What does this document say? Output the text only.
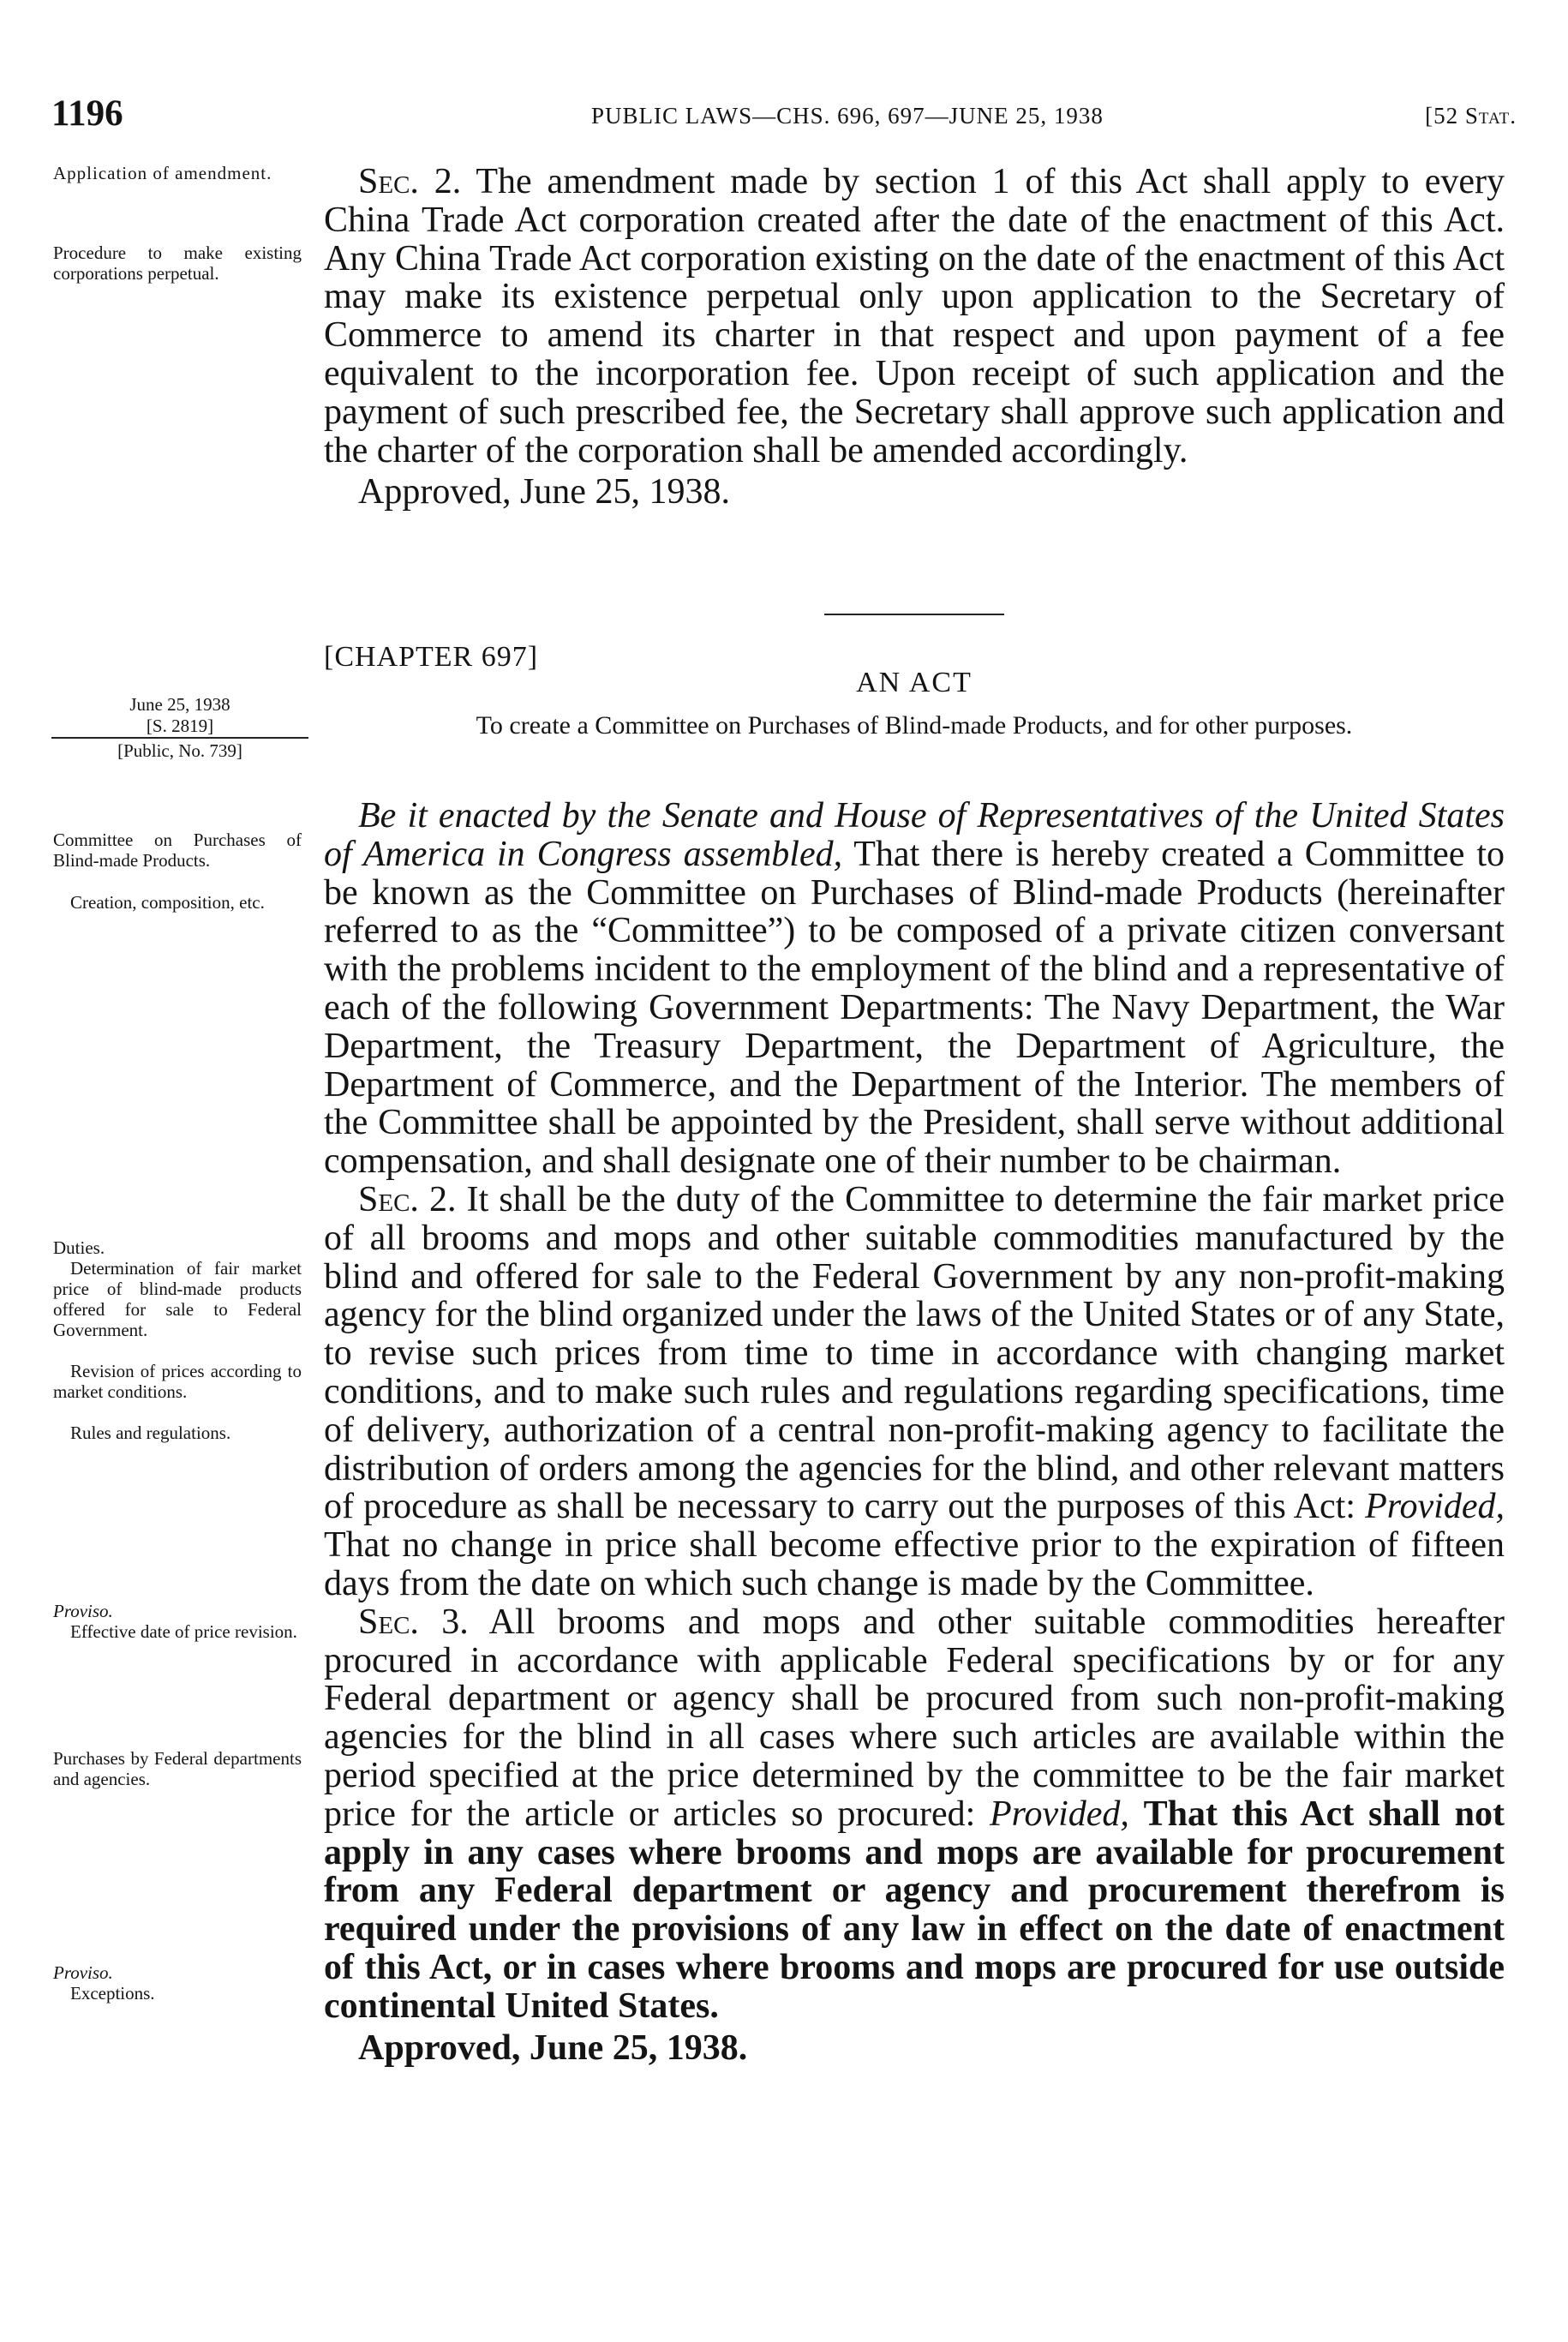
1196	PUBLIC LAWS—CHS. 696, 697—JUNE 25, 1938	[52 Stat.

Application of amendment.

Procedure to make existing corporations perpetual.

Sec. 2. The amendment made by section 1 of this Act shall apply to every China Trade Act corporation created after the date of the enactment of this Act. Any China Trade Act corporation existing on the date of the enactment of this Act may make its existence perpetual only upon application to the Secretary of Commerce to amend its charter in that respect and upon payment of a fee equivalent to the incorporation fee. Upon receipt of such application and the payment of such prescribed fee, the Secretary shall approve such application and the charter of the corporation shall be amended accordingly.

Approved, June 25, 1938.

[CHAPTER 697]
AN ACT
To create a Committee on Purchases of Blind-made Products, and for other purposes.
June 25, 1938
[S. 2819]
[Public, No. 739]

Committee on Purchases of Blind-made Products.

Creation, composition, etc.

Duties.

Determination of fair market price of blind-made products offered for sale to Federal Government.

Revision of prices according to market conditions.

Rules and regulations.

Proviso.

Effective date of price revision.

Purchases by Federal departments and agencies.

Proviso.

Exceptions.

Be it enacted by the Senate and House of Representatives of the United States of America in Congress assembled, That there is hereby created a Committee to be known as the Committee on Purchases of Blind-made Products (hereinafter referred to as the “Committee”) to be composed of a private citizen conversant with the problems incident to the employment of the blind and a representative of each of the following Government Departments: The Navy Department, the War Department, the Treasury Department, the Department of Agriculture, the Department of Commerce, and the Department of the Interior. The members of the Committee shall be appointed by the President, shall serve without additional compensation, and shall designate one of their number to be chairman.

Sec. 2. It shall be the duty of the Committee to determine the fair market price of all brooms and mops and other suitable commodities manufactured by the blind and offered for sale to the Federal Government by any non-profit-making agency for the blind organized under the laws of the United States or of any State, to revise such prices from time to time in accordance with changing market conditions, and to make such rules and regulations regarding specifications, time of delivery, authorization of a central non-profit-making agency to facilitate the distribution of orders among the agencies for the blind, and other relevant matters of procedure as shall be necessary to carry out the purposes of this Act: Provided, That no change in price shall become effective prior to the expiration of fifteen days from the date on which such change is made by the Committee.

Sec. 3. All brooms and mops and other suitable commodities hereafter procured in accordance with applicable Federal specifications by or for any Federal department or agency shall be procured from such non-profit-making agencies for the blind in all cases where such articles are available within the period specified at the price determined by the committee to be the fair market price for the article or articles so procured: Provided, That this Act shall not apply in any cases where brooms and mops are available for procurement from any Federal department or agency and procurement therefrom is required under the provisions of any law in effect on the date of enactment of this Act, or in cases where brooms and mops are procured for use outside continental United States.

Approved, June 25, 1938.
